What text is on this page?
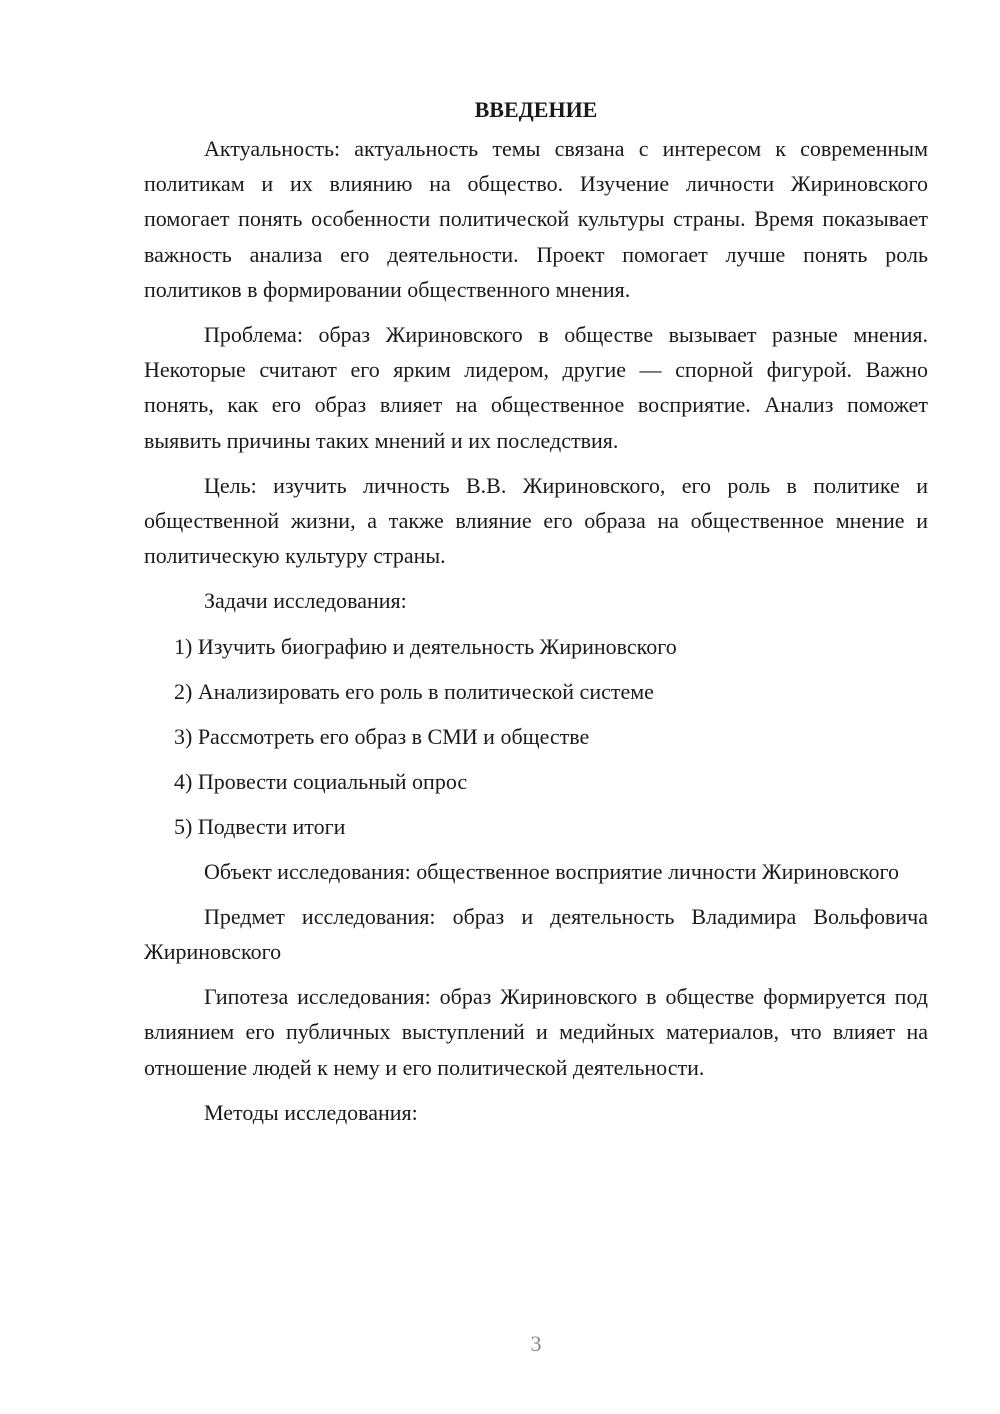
ВВЕДЕНИЕ

Актуальность: актуальность темы связана с интересом к современным политикам и их влиянию на общество. Изучение личности Жириновского помогает понять особенности политической культуры страны. Время показывает важность анализа его деятельности. Проект помогает лучше понять роль политиков в формировании общественного мнения.

Проблема: образ Жириновского в обществе вызывает разные мнения. Некоторые считают его ярким лидером, другие — спорной фигурой. Важно понять, как его образ влияет на общественное восприятие. Анализ поможет выявить причины таких мнений и их последствия.

Цель: изучить личность В.В. Жириновского, его роль в политике и общественной жизни, а также влияние его образа на общественное мнение и политическую культуру страны.

Задачи исследования:

1) Изучить биографию и деятельность Жириновского
2) Анализировать его роль в политической системе
3) Рассмотреть его образ в СМИ и обществе
4) Провести социальный опрос
5) Подвести итоги

Объект исследования: общественное восприятие личности Жириновского

Предмет исследования: образ и деятельность Владимира Вольфовича Жириновского

Гипотеза исследования: образ Жириновского в обществе формируется под влиянием его публичных выступлений и медийных материалов, что влияет на отношение людей к нему и его политической деятельности.

Методы исследования:

3
